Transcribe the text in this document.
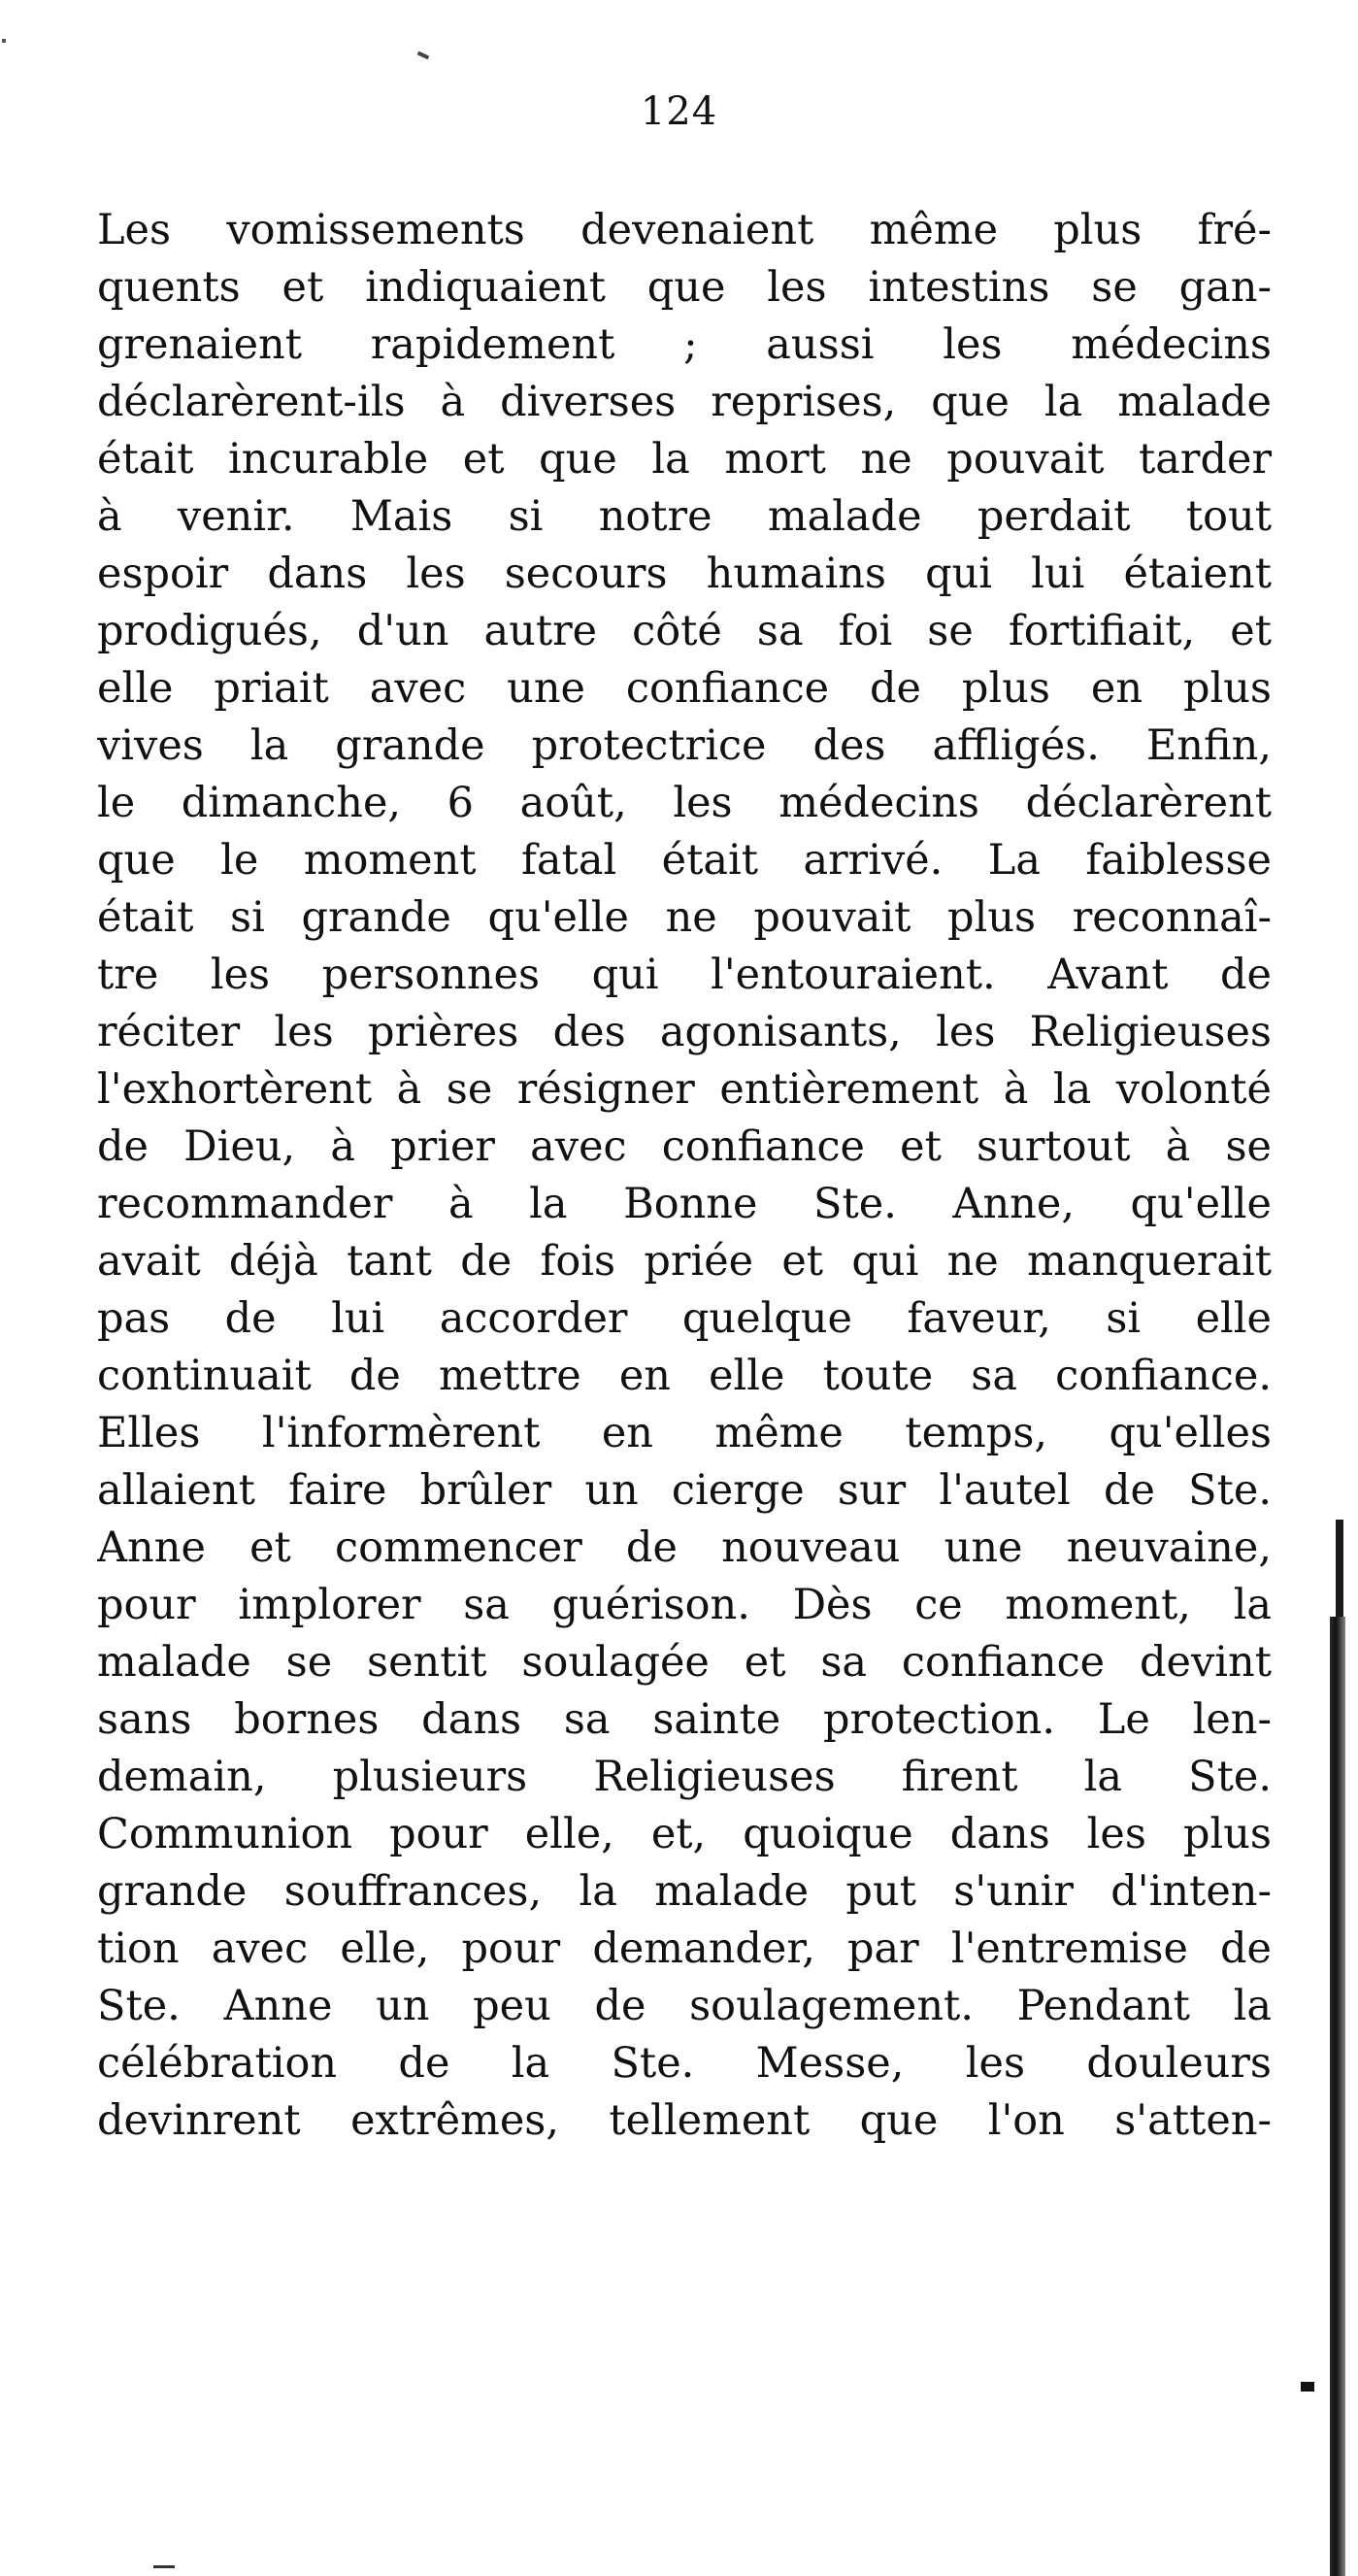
124
Les vomissements devenaient même plus fré-
quents et indiquaient que les intestins se gan-
grenaient rapidement ; aussi les médecins
déclarèrent-ils à diverses reprises, que la malade
était incurable et que la mort ne pouvait tarder
à venir. Mais si notre malade perdait tout
espoir dans les secours humains qui lui étaient
prodigués, d'un autre côté sa foi se fortifiait, et
elle priait avec une confiance de plus en plus
vives la grande protectrice des affligés. Enfin,
le dimanche, 6 août, les médecins déclarèrent
que le moment fatal était arrivé. La faiblesse
était si grande qu'elle ne pouvait plus reconnaî-
tre les personnes qui l'entouraient. Avant de
réciter les prières des agonisants, les Religieuses
l'exhortèrent à se résigner entièrement à la volonté
de Dieu, à prier avec confiance et surtout à se
recommander à la Bonne Ste. Anne, qu'elle
avait déjà tant de fois priée et qui ne manquerait
pas de lui accorder quelque faveur, si elle
continuait de mettre en elle toute sa confiance.
Elles l'informèrent en même temps, qu'elles
allaient faire brûler un cierge sur l'autel de Ste.
Anne et commencer de nouveau une neuvaine,
pour implorer sa guérison. Dès ce moment, la
malade se sentit soulagée et sa confiance devint
sans bornes dans sa sainte protection. Le len-
demain, plusieurs Religieuses firent la Ste.
Communion pour elle, et, quoique dans les plus
grande souffrances, la malade put s'unir d'inten-
tion avec elle, pour demander, par l'entremise de
Ste. Anne un peu de soulagement. Pendant la
célébration de la Ste. Messe, les douleurs
devinrent extrêmes, tellement que l'on s'atten-
